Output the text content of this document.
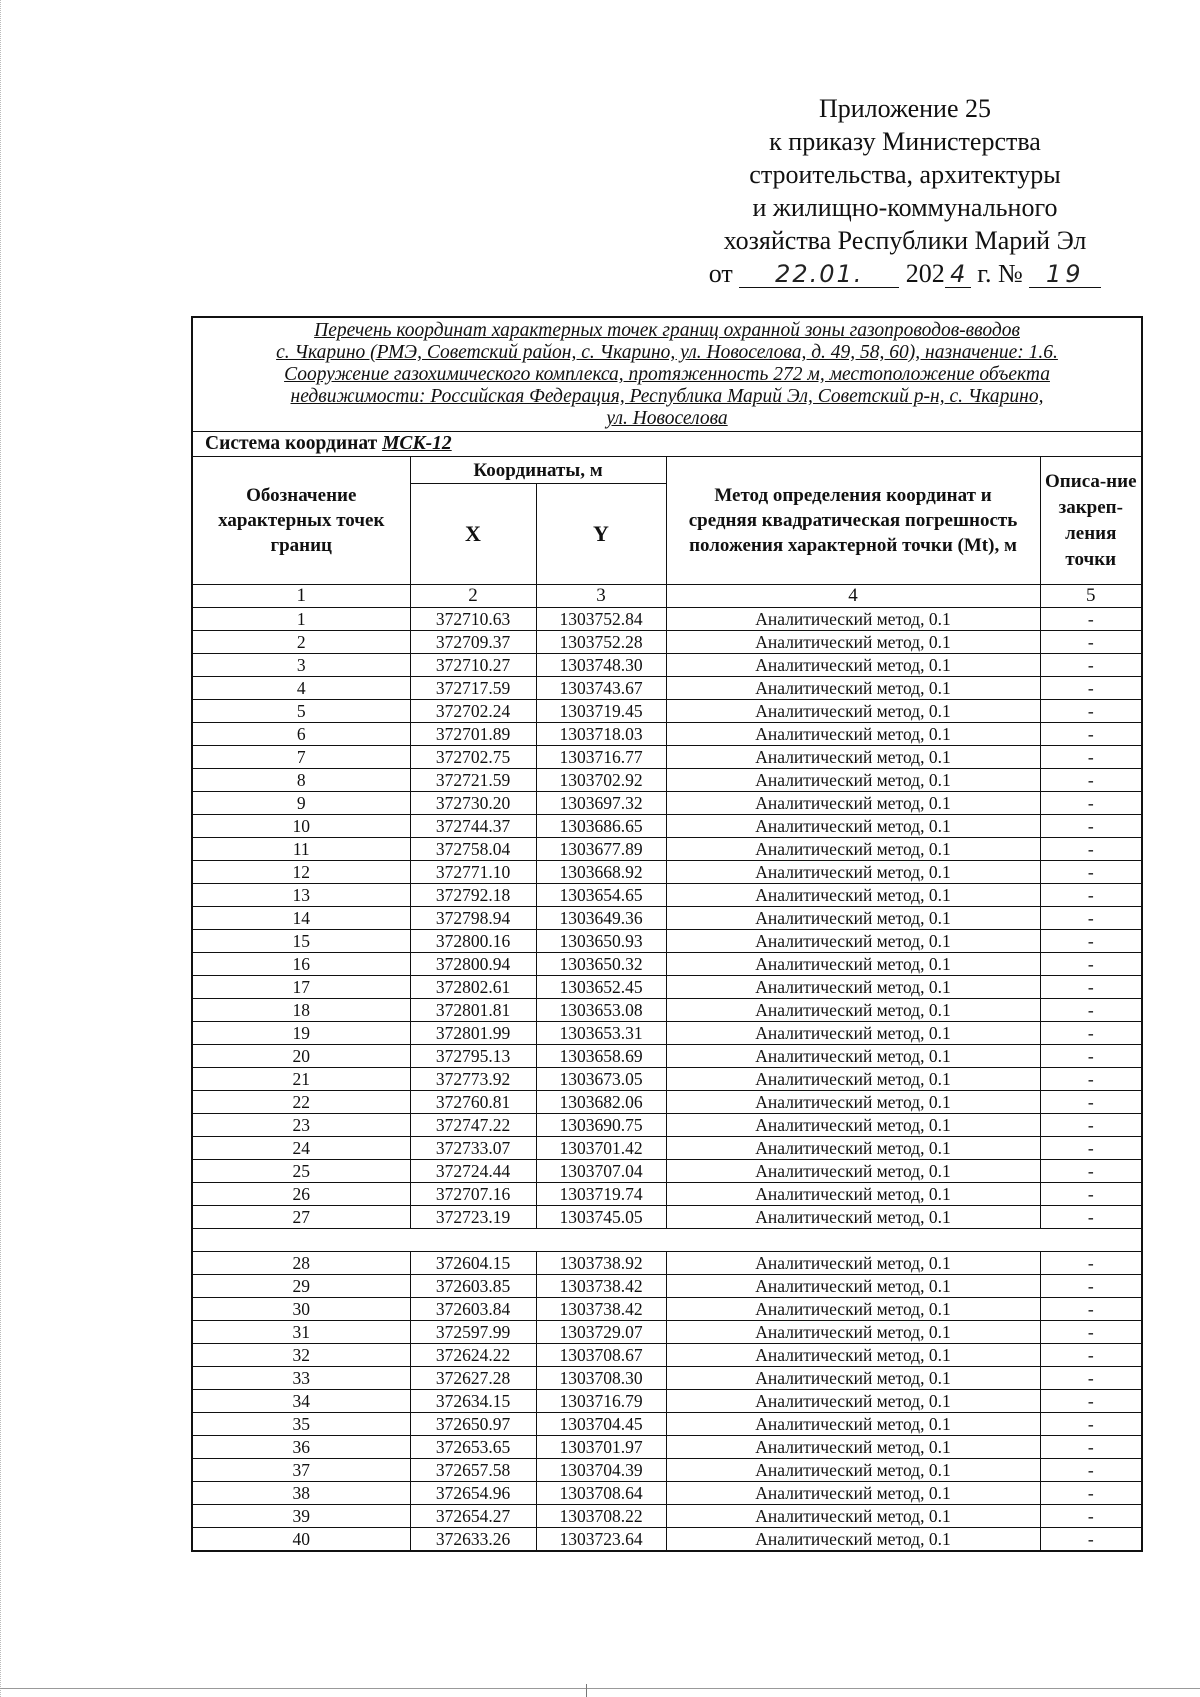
Приложение 25
к приказу Министерства
строительства, архитектуры
и жилищно-коммунального
хозяйства Республики Марий Эл
от 22.01. 202 4 г. № 19
Перечень координат характерных точек границ охранной зоны газопроводов-вводов
с. Чкарино (РМЭ, Советский район, с. Чкарино, ул. Новоселова, д. 49, 58, 60), назначение: 1.6.
Сооружение газохимического комплекса, протяженность 272 м, местоположение объекта
недвижимости: Российская Федерация, Республика Марий Эл, Советский р-н, с. Чкарино,
ул. Новоселова				

Система координат МСК-12				
Обозначение характерных точек границ	Координаты, м		Метод определения координат и средняя квадратическая погрешность положения характерной точки (Mt), м	Описа-ние закреп-ления точки
	X	Y		
1	2	3	4	5
1	372710.63	1303752.84	Аналитический метод, 0.1	-
2	372709.37	1303752.28	Аналитический метод, 0.1	-
3	372710.27	1303748.30	Аналитический метод, 0.1	-
4	372717.59	1303743.67	Аналитический метод, 0.1	-
5	372702.24	1303719.45	Аналитический метод, 0.1	-
6	372701.89	1303718.03	Аналитический метод, 0.1	-
7	372702.75	1303716.77	Аналитический метод, 0.1	-
8	372721.59	1303702.92	Аналитический метод, 0.1	-
9	372730.20	1303697.32	Аналитический метод, 0.1	-
10	372744.37	1303686.65	Аналитический метод, 0.1	-
11	372758.04	1303677.89	Аналитический метод, 0.1	-
12	372771.10	1303668.92	Аналитический метод, 0.1	-
13	372792.18	1303654.65	Аналитический метод, 0.1	-
14	372798.94	1303649.36	Аналитический метод, 0.1	-
15	372800.16	1303650.93	Аналитический метод, 0.1	-
16	372800.94	1303650.32	Аналитический метод, 0.1	-
17	372802.61	1303652.45	Аналитический метод, 0.1	-
18	372801.81	1303653.08	Аналитический метод, 0.1	-
19	372801.99	1303653.31	Аналитический метод, 0.1	-
20	372795.13	1303658.69	Аналитический метод, 0.1	-
21	372773.92	1303673.05	Аналитический метод, 0.1	-
22	372760.81	1303682.06	Аналитический метод, 0.1	-
23	372747.22	1303690.75	Аналитический метод, 0.1	-
24	372733.07	1303701.42	Аналитический метод, 0.1	-
25	372724.44	1303707.04	Аналитический метод, 0.1	-
26	372707.16	1303719.74	Аналитический метод, 0.1	-
27	372723.19	1303745.05	Аналитический метод, 0.1	-

28	372604.15	1303738.92	Аналитический метод, 0.1	-
29	372603.85	1303738.42	Аналитический метод, 0.1	-
30	372603.84	1303738.42	Аналитический метод, 0.1	-
31	372597.99	1303729.07	Аналитический метод, 0.1	-
32	372624.22	1303708.67	Аналитический метод, 0.1	-
33	372627.28	1303708.30	Аналитический метод, 0.1	-
34	372634.15	1303716.79	Аналитический метод, 0.1	-
35	372650.97	1303704.45	Аналитический метод, 0.1	-
36	372653.65	1303701.97	Аналитический метод, 0.1	-
37	372657.58	1303704.39	Аналитический метод, 0.1	-
38	372654.96	1303708.64	Аналитический метод, 0.1	-
39	372654.27	1303708.22	Аналитический метод, 0.1	-
40	372633.26	1303723.64	Аналитический метод, 0.1	-
